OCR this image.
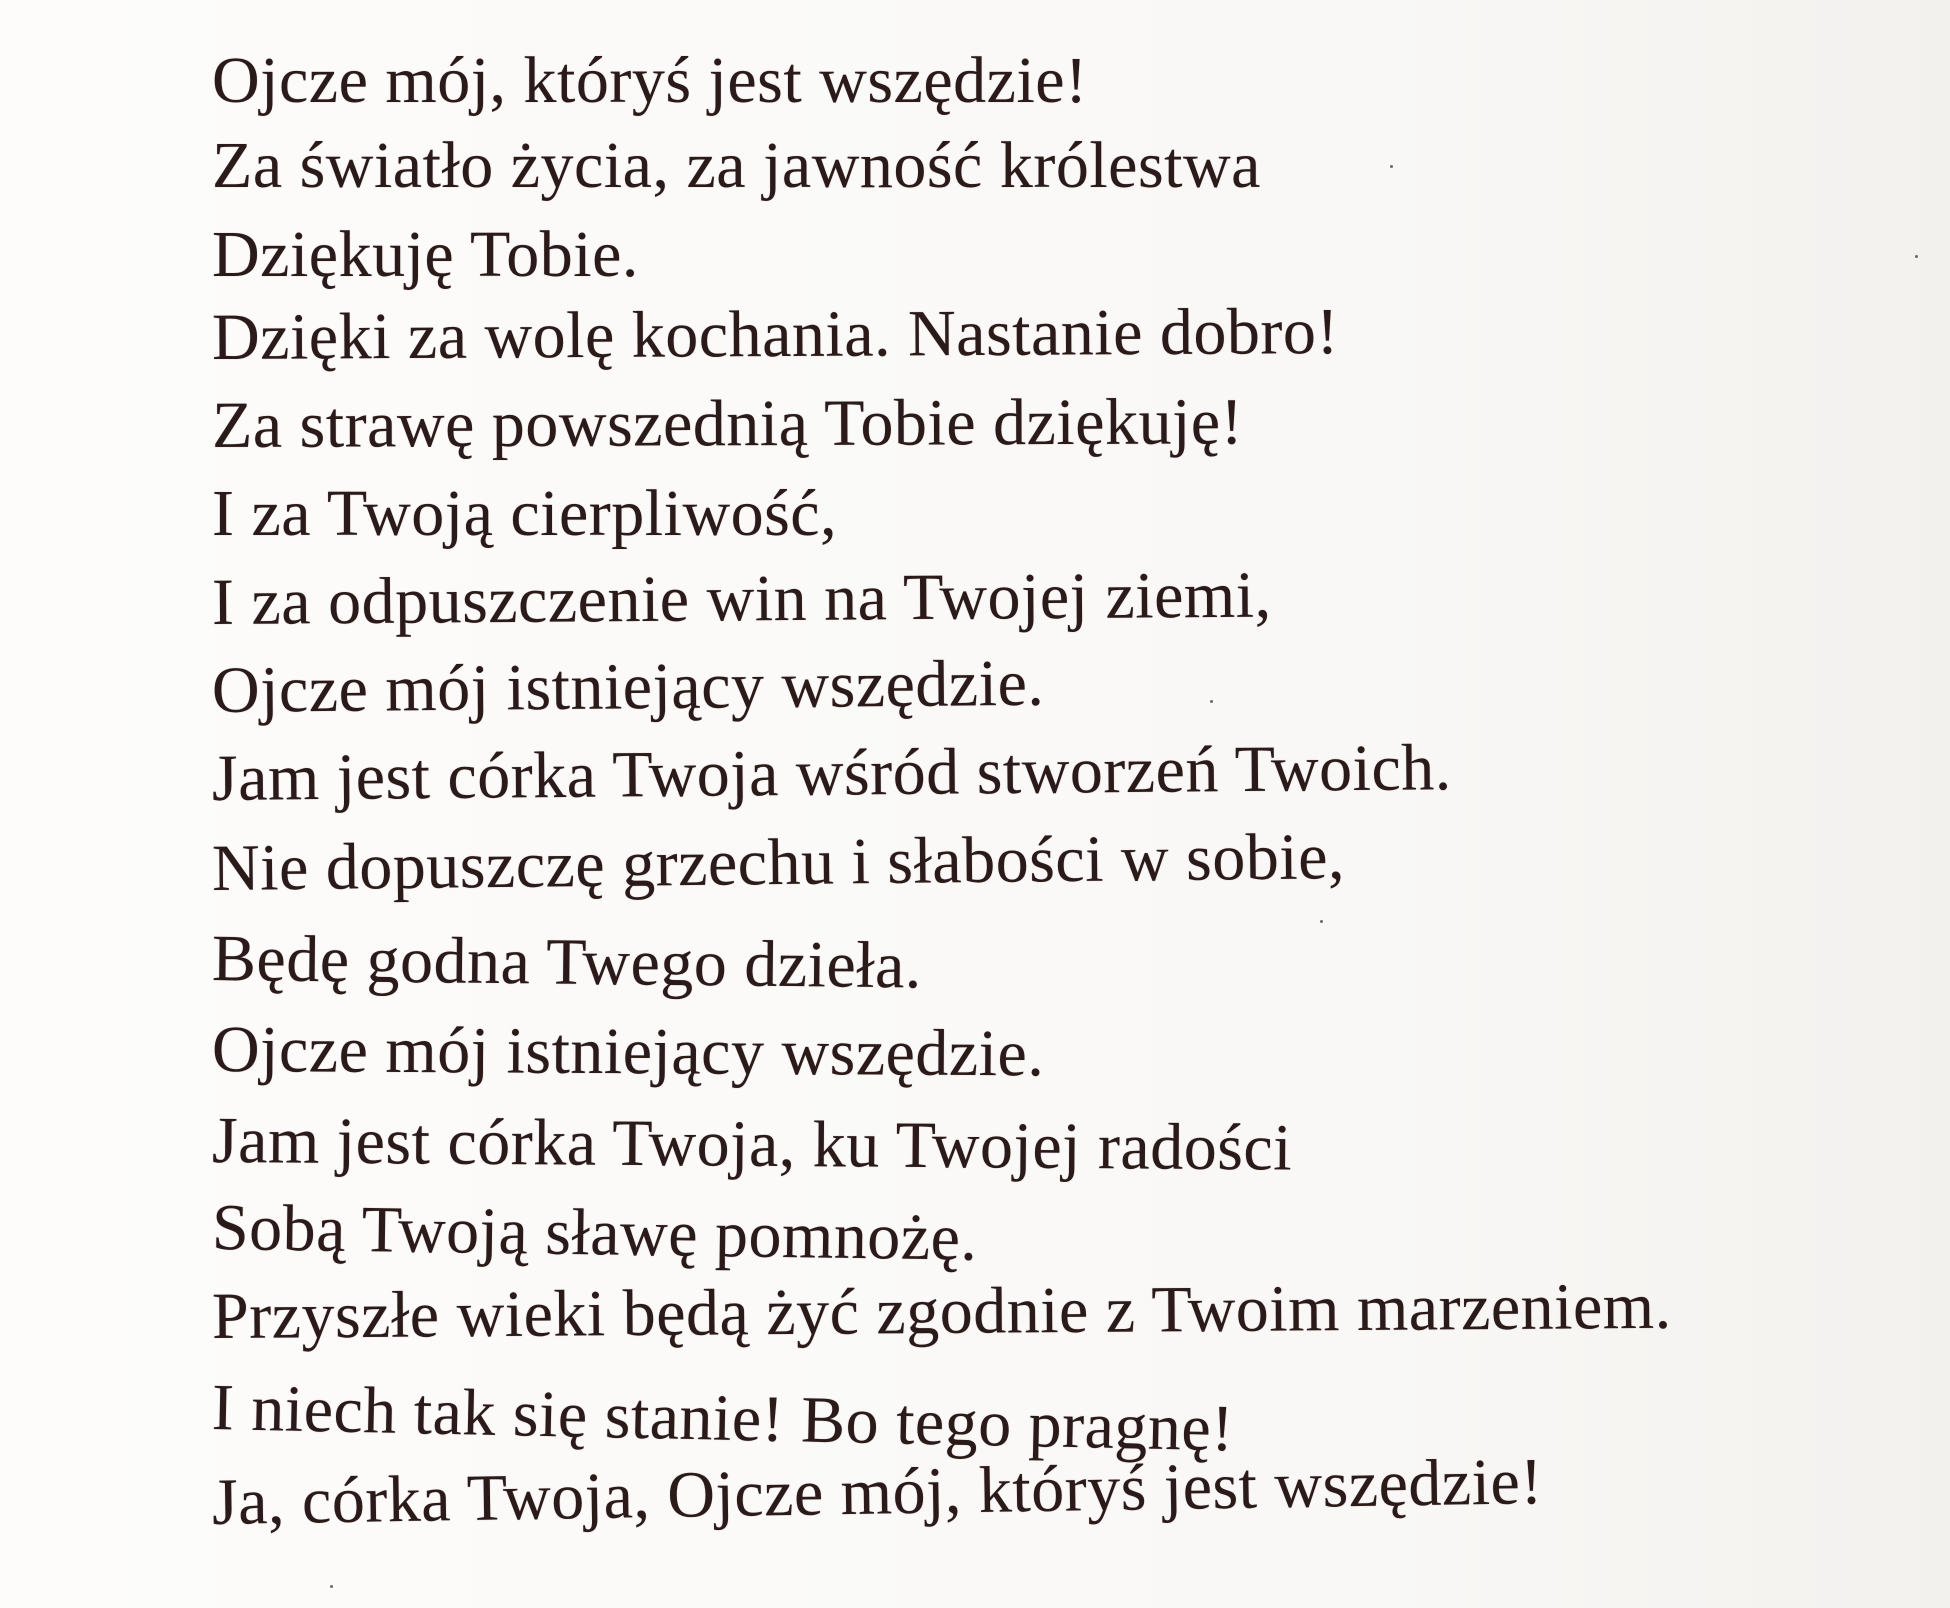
Ojcze mój, któryś jest wszędzie!
Za światło życia, za jawność królestwa
Dziękuję Tobie.
Dzięki za wolę kochania. Nastanie dobro!
Za strawę powszednią Tobie dziękuję!
I za Twoją cierpliwość,
I za odpuszczenie win na Twojej ziemi,
Ojcze mój istniejący wszędzie.
Jam jest córka Twoja wśród stworzeń Twoich.
Nie dopuszczę grzechu i słabości w sobie,
Będę godna Twego dzieła.
Ojcze mój istniejący wszędzie.
Jam jest córka Twoja, ku Twojej radości
Sobą Twoją sławę pomnożę.
Przyszłe wieki będą żyć zgodnie z Twoim marzeniem.
I niech tak się stanie! Bo tego pragnę!
Ja, córka Twoja, Ojcze mój, któryś jest wszędzie!
